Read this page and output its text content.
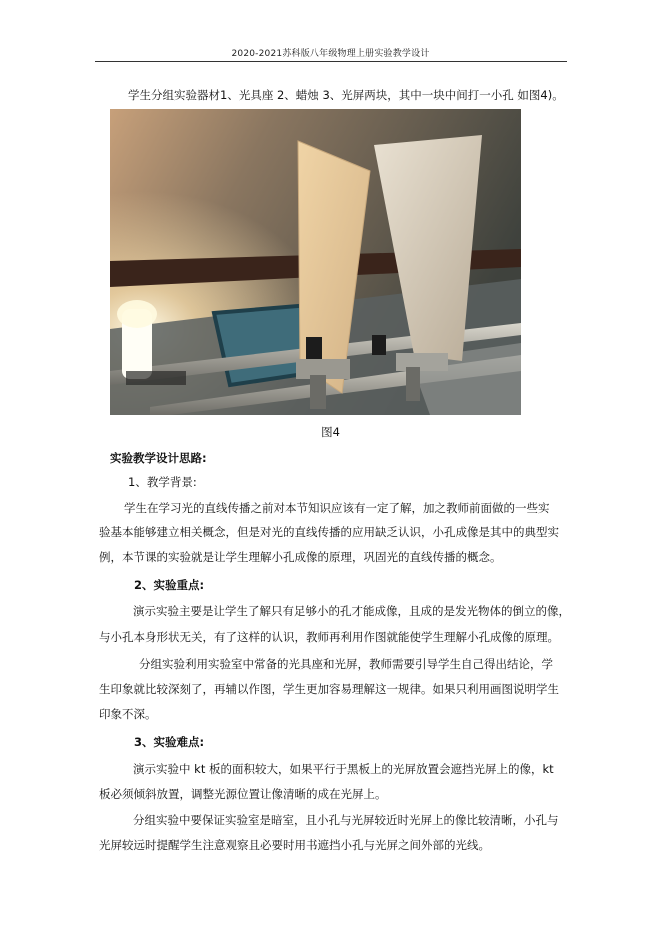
2020-2021苏科版八年级物理上册实验教学设计
学生分组实验器材1、光具座 2、蜡烛 3、光屏两块，其中一块中间打一小孔 如图4)。
图4
实验教学设计思路:
1、教学背景:
学生在学习光的直线传播之前对本节知识应该有一定了解，加之教师前面做的一些实
验基本能够建立相关概念，但是对光的直线传播的应用缺乏认识，小孔成像是其中的典型实
例，本节课的实验就是让学生理解小孔成像的原理，巩固光的直线传播的概念。
2、实验重点:
演示实验主要是让学生了解只有足够小的孔才能成像，且成的是发光物体的倒立的像，
与小孔本身形状无关，有了这样的认识，教师再利用作图就能使学生理解小孔成像的原理。
分组实验利用实验室中常备的光具座和光屏，教师需要引导学生自己得出结论，学
生印象就比较深刻了，再辅以作图，学生更加容易理解这一规律。如果只利用画图说明学生
印象不深。
3、实验难点:
演示实验中 kt 板的面积较大，如果平行于黑板上的光屏放置会遮挡光屏上的像，kt
板必须倾斜放置，调整光源位置让像清晰的成在光屏上。
分组实验中要保证实验室是暗室，且小孔与光屏较近时光屏上的像比较清晰，小孔与
光屏较远时提醒学生注意观察且必要时用书遮挡小孔与光屏之间外部的光线。
